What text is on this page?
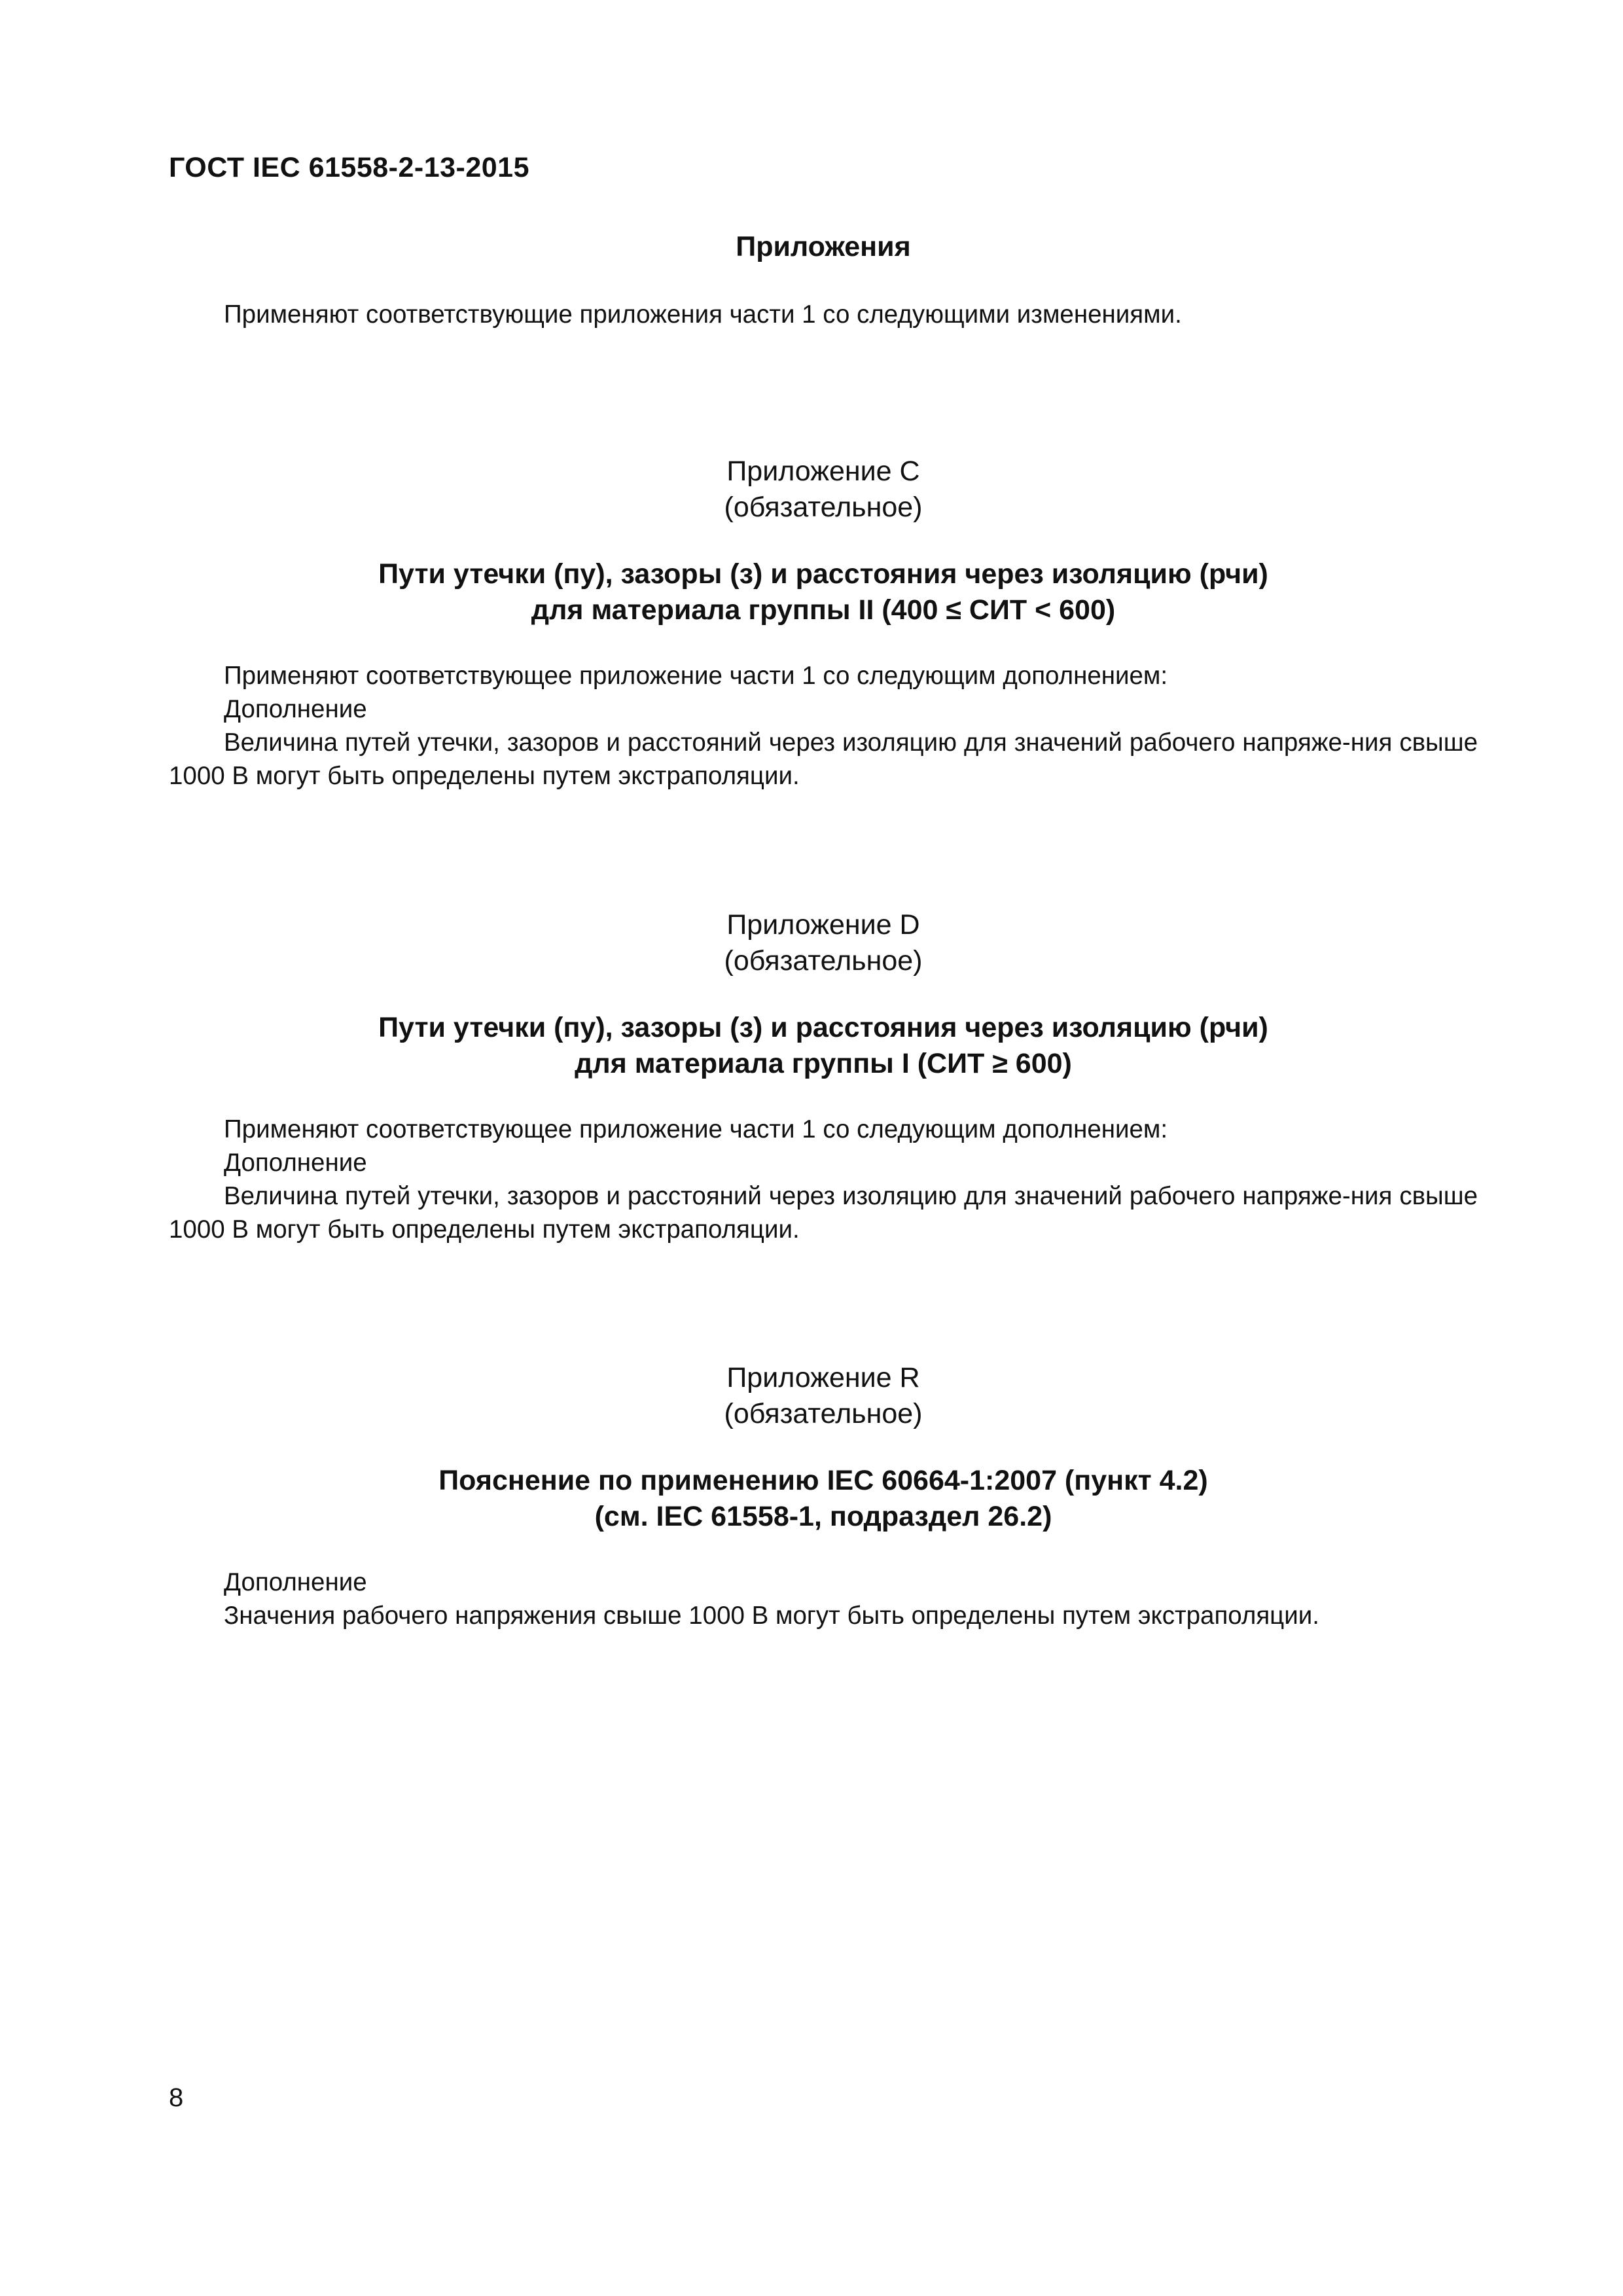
ГОСТ IEC 61558-2-13-2015
Приложения
Применяют соответствующие приложения части 1 со следующими изменениями.
Приложение С
(обязательное)
Пути утечки (пу), зазоры (з) и расстояния через изоляцию (рчи)
для материала группы II (400 ≤ СИТ < 600)
Применяют соответствующее приложение части 1 со следующим дополнением:
Дополнение
Величина путей утечки, зазоров и расстояний через изоляцию для значений рабочего напряже-ния свыше 1000 В могут быть определены путем экстраполяции.
Приложение D
(обязательное)
Пути утечки (пу), зазоры (з) и расстояния через изоляцию (рчи)
для материала группы I (СИТ ≥ 600)
Применяют соответствующее приложение части 1 со следующим дополнением:
Дополнение
Величина путей утечки, зазоров и расстояний через изоляцию для значений рабочего напряже-ния свыше 1000 В могут быть определены путем экстраполяции.
Приложение R
(обязательное)
Пояснение по применению IEC 60664-1:2007 (пункт 4.2)
(см. IEC 61558-1, подраздел 26.2)
Дополнение
Значения рабочего напряжения свыше 1000 В могут быть определены путем экстраполяции.
8
